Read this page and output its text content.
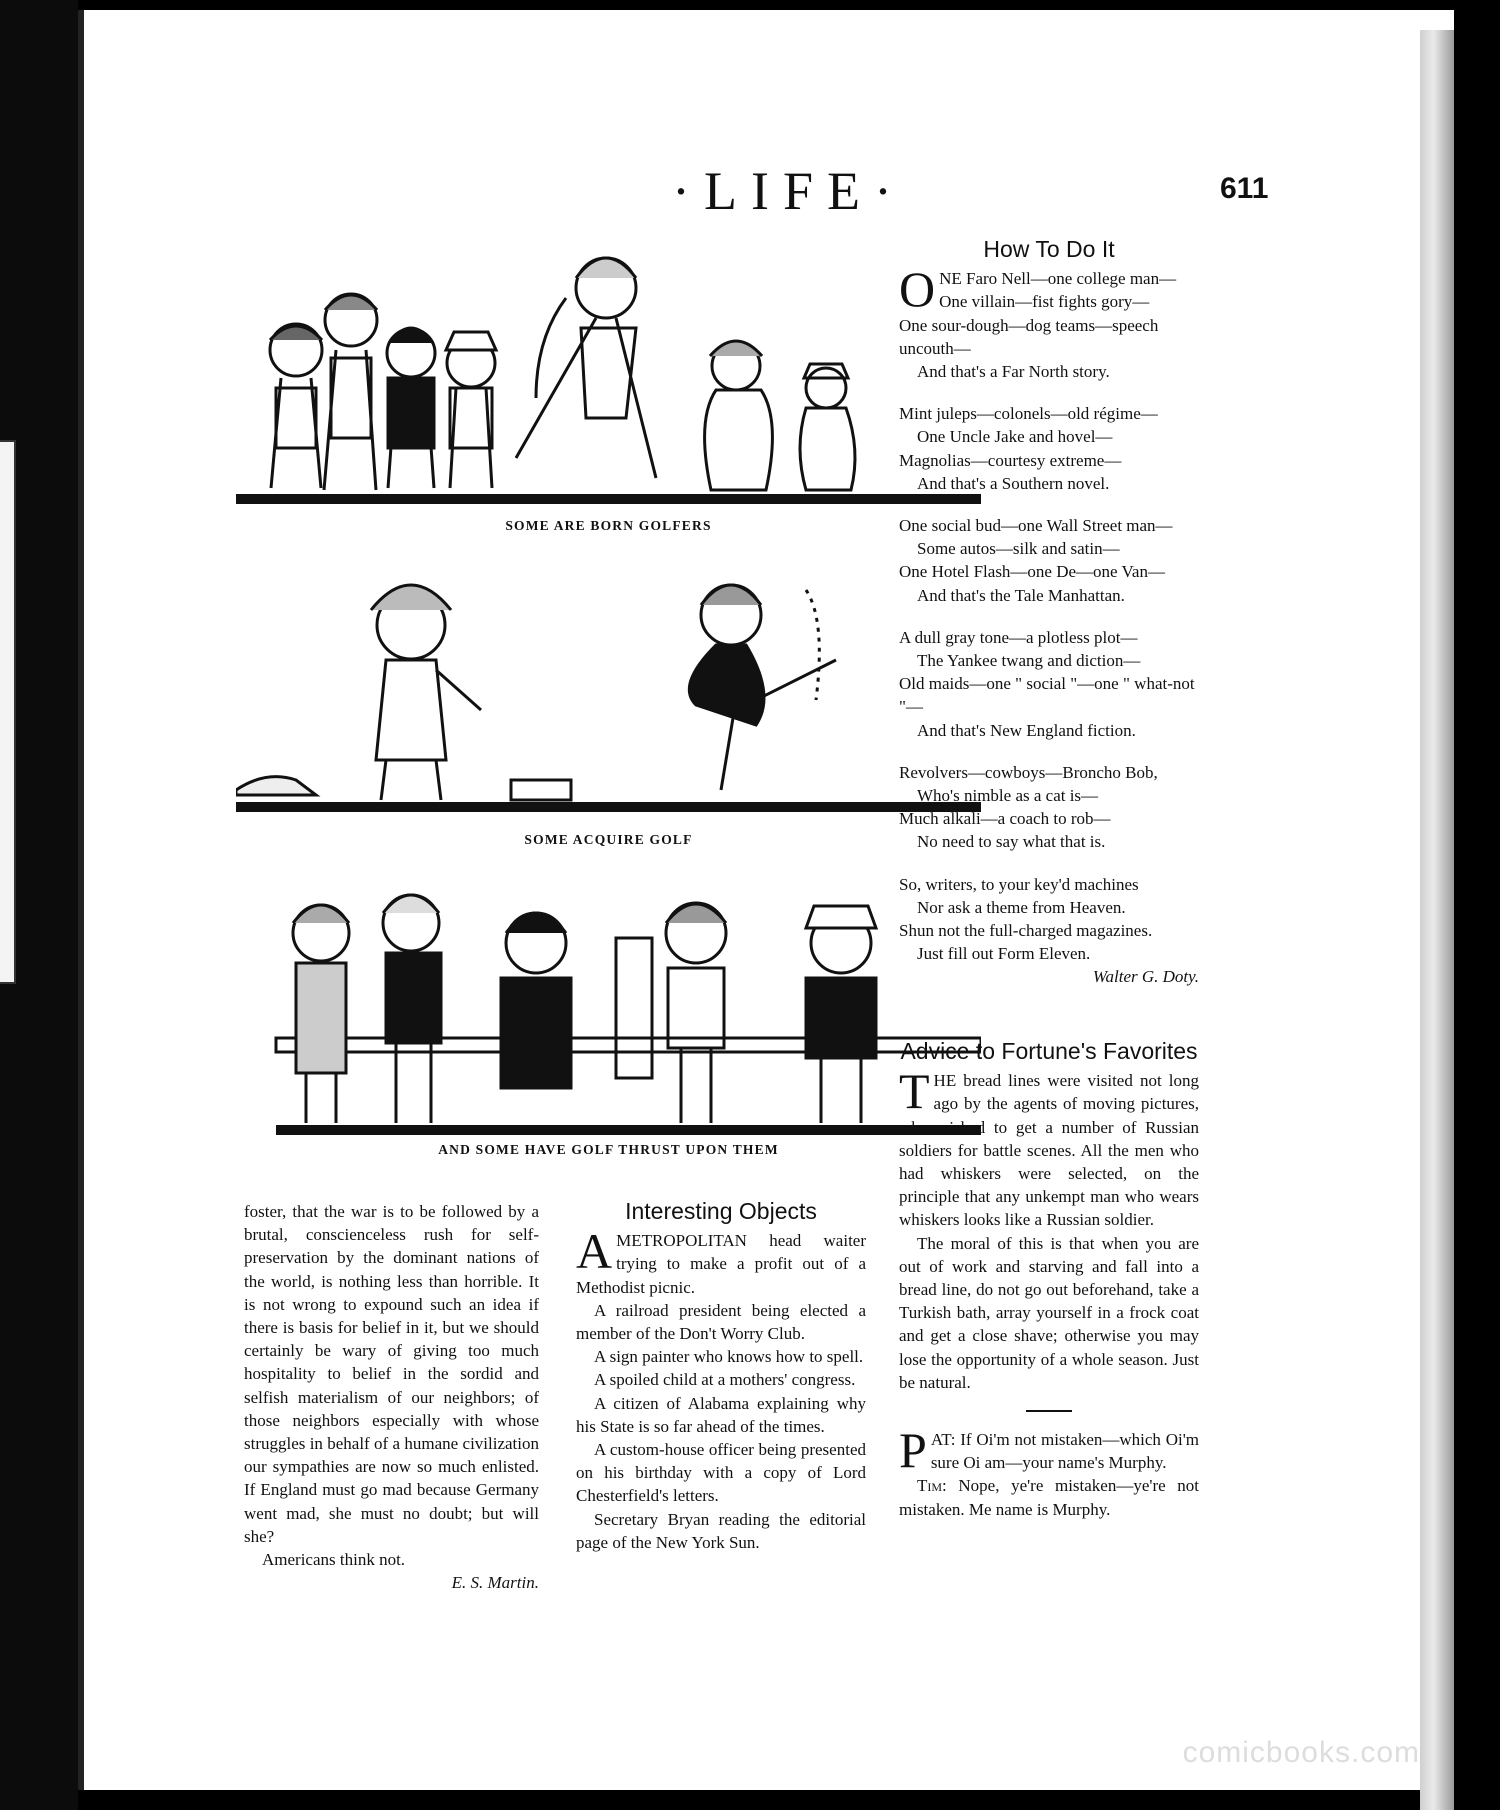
·LIFE·	611
SOME ARE BORN GOLFERS
SOME ACQUIRE GOLF
AND SOME HAVE GOLF THRUST UPON THEM

foster, that the war is to be followed by a brutal, consciencelеss rush for self-preservation by the dominant nations of the world, is nothing less than horrible. It is not wrong to expound such an idea if there is basis for belief in it, but we should certainly be wary of giving too much hospitality to belief in the sordid and selfish materialism of our neighbors; of those neighbors especially with whose struggles in behalf of a humane civilization our sympathies are now so much enlisted. If England must go mad because Germany went mad, she must no doubt; but will she?

Americans think not.

E. S. Martin.

Interesting Objects

AMETROPOLITAN head waiter trying to make a profit out of a Methodist picnic.

A railroad president being elected a member of the Don't Worry Club.

A sign painter who knows how to spell.

A spoiled child at a mothers' congress.

A citizen of Alabama explaining why his State is so far ahead of the times.

A custom-house officer being presented on his birthday with a copy of Lord Chesterfield's letters.

Secretary Bryan reading the editorial page of the New York Sun.

How To Do It

ONE Faro Nell—one college man—

One villain—fist fights gory—

One sour-dough—dog teams—speech uncouth—

And that's a Far North story.

Mint juleps—colonels—old régime—

One Uncle Jake and hovel—

Magnolias—courtesy extreme—

And that's a Southern novel.

One social bud—one Wall Street man—

Some autos—silk and satin—

One Hotel Flash—one De—one Van—

And that's the Tale Manhattan.

A dull gray tone—a plotless plot—

The Yankee twang and diction—

Old maids—one " social "—one " what-not "—

And that's New England fiction.

Revolvers—cowboys—Broncho Bob,

Who's nimble as a cat is—

Much alkali—a coach to rob—

No need to say what that is.

So, writers, to your key'd machines

Nor ask a theme from Heaven.

Shun not the full-charged magazines.

Just fill out Form Eleven.

Walter G. Doty.

Advice to Fortune's Favorites

THE bread lines were visited not long ago by the agents of moving pictures, who wished to get a number of Russian soldiers for battle scenes. All the men who had whiskers were selected, on the principle that any unkempt man who wears whiskers looks like a Russian soldier.

The moral of this is that when you are out of work and starving and fall into a bread line, do not go out beforehand, take a Turkish bath, array yourself in a frock coat and get a close shave; otherwise you may lose the opportunity of a whole season. Just be natural.

PAT: If Oi'm not mistaken—which Oi'm sure Oi am—your name's Murphy.

Tim: Nope, ye're mistaken—ye're not mistaken. Me name is Murphy.

comicbooks.com
